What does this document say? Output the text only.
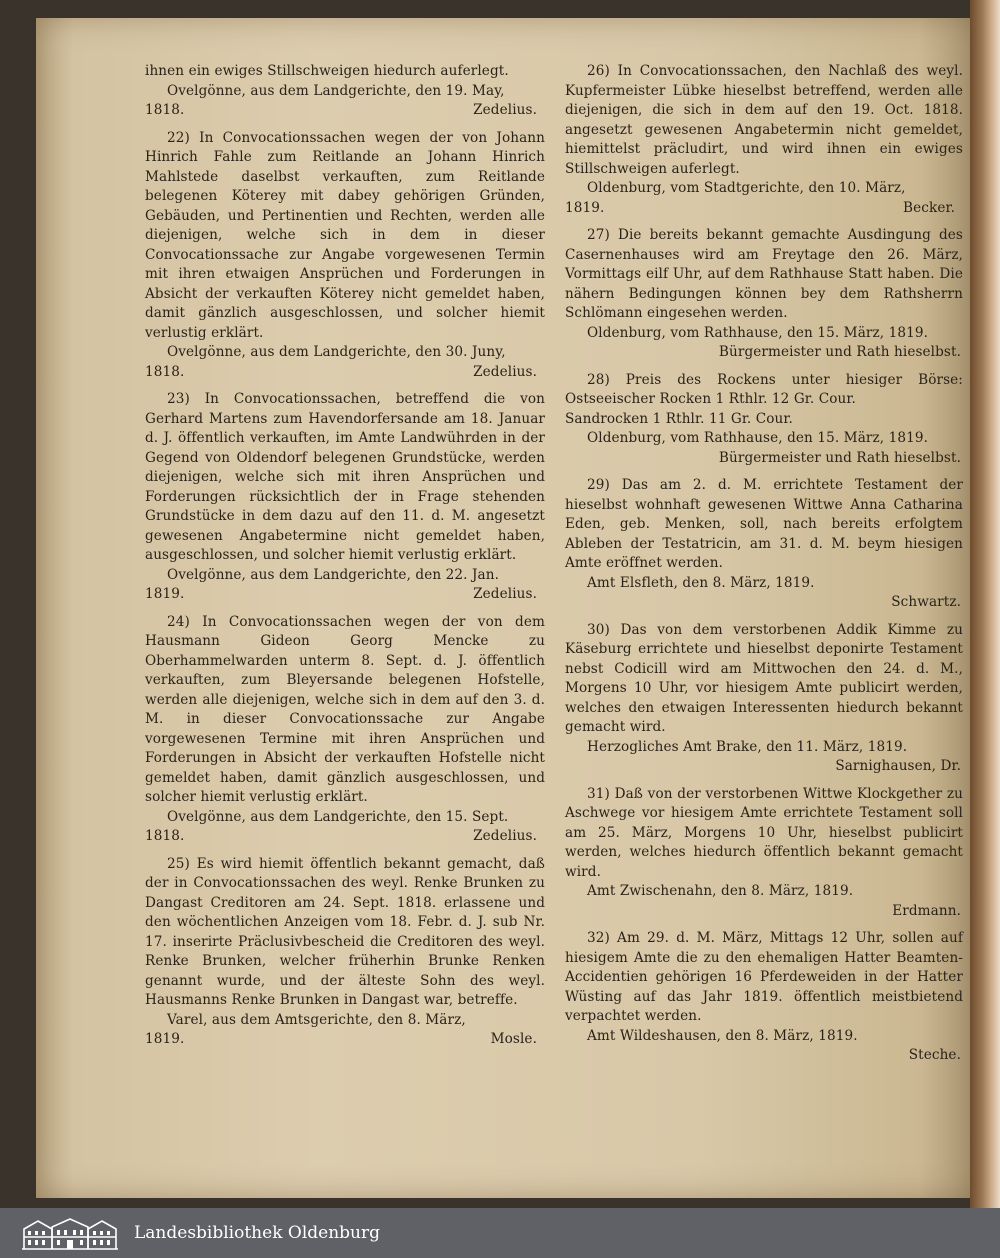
ihnen ein ewiges Stillschweigen hiedurch auferlegt.

Ovelgönne, aus dem Landgerichte, den 19. May,

1818.	Zedelius.

22) In Convocationssachen wegen der von Johann Hinrich Fahle zum Reitlande an Johann Hinrich Mahlstede daselbst verkauften, zum Reitlande belegenen Köterey mit dabey gehörigen Gründen, Gebäuden, und Pertinentien und Rechten, werden alle diejenigen, welche sich in dem in dieser Convocationssache zur Angabe vorgewesenen Termin mit ihren etwaigen Ansprüchen und Forderungen in Absicht der verkauften Köterey nicht gemeldet haben, damit gänzlich ausgeschlossen, und solcher hiemit verlustig erklärt.

Ovelgönne, aus dem Landgerichte, den 30. Juny,

1818.	Zedelius.

23) In Convocationssachen, betreffend die von Gerhard Martens zum Havendorfersande am 18. Januar d. J. öffentlich verkauften, im Amte Landwührden in der Gegend von Oldendorf belegenen Grundstücke, werden diejenigen, welche sich mit ihren Ansprüchen und Forderungen rücksichtlich der in Frage stehenden Grundstücke in dem dazu auf den 11. d. M. angesetzt gewesenen Angabetermine nicht gemeldet haben, ausgeschlossen, und solcher hiemit verlustig erklärt.

Ovelgönne, aus dem Landgerichte, den 22. Jan.

1819.	Zedelius.

24) In Convocationssachen wegen der von dem Hausmann Gideon Georg Mencke zu Oberhammelwarden unterm 8. Sept. d. J. öffentlich verkauften, zum Bleyersande belegenen Hofstelle, werden alle diejenigen, welche sich in dem auf den 3. d. M. in dieser Convocationssache zur Angabe vorgewesenen Termine mit ihren Ansprüchen und Forderungen in Absicht der verkauften Hofstelle nicht gemeldet haben, damit gänzlich ausgeschlossen, und solcher hiemit verlustig erklärt.

Ovelgönne, aus dem Landgerichte, den 15. Sept.

1818.	Zedelius.

25) Es wird hiemit öffentlich bekannt gemacht, daß der in Convocationssachen des weyl. Renke Brunken zu Dangast Creditoren am 24. Sept. 1818. erlassene und den wöchentlichen Anzeigen vom 18. Febr. d. J. sub Nr. 17. inserirte Präclusivbescheid die Creditoren des weyl. Renke Brunken, welcher früherhin Brunke Renken genannt wurde, und der älteste Sohn des weyl. Hausmanns Renke Brunken in Dangast war, betreffe.

Varel, aus dem Amtsgerichte, den 8. März,

1819.	Mosle.

26) In Convocationssachen, den Nachlaß des weyl. Kupfermeister Lübke hieselbst betreffend, werden alle diejenigen, die sich in dem auf den 19. Oct. 1818. angesetzt gewesenen Angabetermin nicht gemeldet, hiemittelst präcludirt, und wird ihnen ein ewiges Stillschweigen auferlegt.

Oldenburg, vom Stadtgerichte, den 10. März,

1819.	Becker.

27) Die bereits bekannt gemachte Ausdingung des Casernenhauses wird am Freytage den 26. März, Vormittags eilf Uhr, auf dem Rathhause Statt haben. Die nähern Bedingungen können bey dem Rathsherrn Schlömann eingesehen werden.

Oldenburg, vom Rathhause, den 15. März, 1819.

Bürgermeister und Rath hieselbst.

28) Preis des Rockens unter hiesiger Börse: Ostseeischer Rocken 1 Rthlr. 12 Gr. Cour.

Sandrocken 1 Rthlr. 11 Gr. Cour.

Oldenburg, vom Rathhause, den 15. März, 1819.

Bürgermeister und Rath hieselbst.

29) Das am 2. d. M. errichtete Testament der hieselbst wohnhaft gewesenen Wittwe Anna Catharina Eden, geb. Menken, soll, nach bereits erfolgtem Ableben der Testatricin, am 31. d. M. beym hiesigen Amte eröffnet werden.

Amt Elsfleth, den 8. März, 1819.

Schwartz.

30) Das von dem verstorbenen Addik Kimme zu Käseburg errichtete und hieselbst deponirte Testament nebst Codicill wird am Mittwochen den 24. d. M., Morgens 10 Uhr, vor hiesigem Amte publicirt werden, welches den etwaigen Interessenten hiedurch bekannt gemacht wird.

Herzogliches Amt Brake, den 11. März, 1819.

Sarnighausen, Dr.

31) Daß von der verstorbenen Wittwe Klockgether zu Aschwege vor hiesigem Amte errichtete Testament soll am 25. März, Morgens 10 Uhr, hieselbst publicirt werden, welches hiedurch öffentlich bekannt gemacht wird.

Amt Zwischenahn, den 8. März, 1819.

Erdmann.

32) Am 29. d. M. März, Mittags 12 Uhr, sollen auf hiesigem Amte die zu den ehemaligen Hatter Beamten-Accidentien gehörigen 16 Pferdeweiden in der Hatter Wüsting auf das Jahr 1819. öffentlich meistbietend verpachtet werden.

Amt Wildeshausen, den 8. März, 1819.

Steche.

Landesbibliothek Oldenburg
